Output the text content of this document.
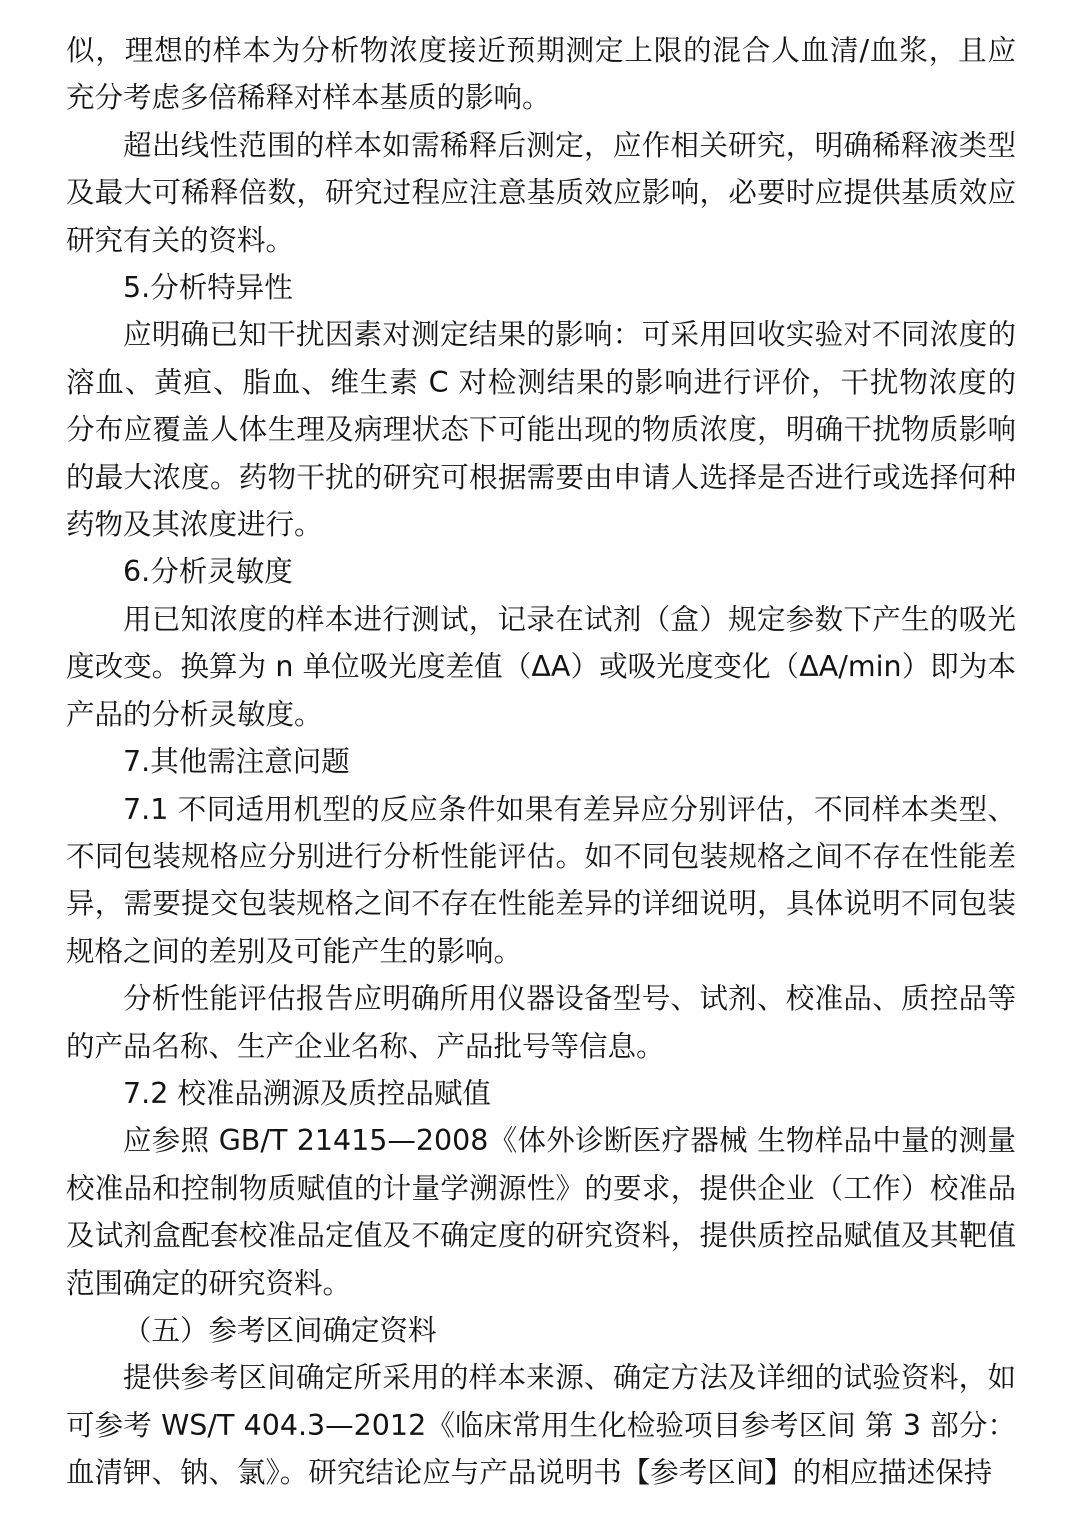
似，理想的样本为分析物浓度接近预期测定上限的混合人血清/血浆，且应充分考虑多倍稀释对样本基质的影响。

超出线性范围的样本如需稀释后测定，应作相关研究，明确稀释液类型及最大可稀释倍数，研究过程应注意基质效应影响，必要时应提供基质效应研究有关的资料。

5.分析特异性

应明确已知干扰因素对测定结果的影响：可采用回收实验对不同浓度的溶血、黄疸、脂血、维生素 C 对检测结果的影响进行评价，干扰物浓度的分布应覆盖人体生理及病理状态下可能出现的物质浓度，明确干扰物质影响的最大浓度。药物干扰的研究可根据需要由申请人选择是否进行或选择何种药物及其浓度进行。

6.分析灵敏度

用已知浓度的样本进行测试，记录在试剂（盒）规定参数下产生的吸光度改变。换算为 n 单位吸光度差值（ΔA）或吸光度变化（ΔA/min）即为本产品的分析灵敏度。

7.其他需注意问题

7.1 不同适用机型的反应条件如果有差异应分别评估，不同样本类型、不同包装规格应分别进行分析性能评估。如不同包装规格之间不存在性能差异，需要提交包装规格之间不存在性能差异的详细说明，具体说明不同包装规格之间的差别及可能产生的影响。

分析性能评估报告应明确所用仪器设备型号、试剂、校准品、质控品等的产品名称、生产企业名称、产品批号等信息。

7.2 校准品溯源及质控品赋值

应参照 GB/T 21415—2008《体外诊断医疗器械 生物样品中量的测量校准品和控制物质赋值的计量学溯源性》的要求，提供企业（工作）校准品及试剂盒配套校准品定值及不确定度的研究资料，提供质控品赋值及其靶值范围确定的研究资料。

（五）参考区间确定资料

提供参考区间确定所采用的样本来源、确定方法及详细的试验资料，如可参考 WS/T 404.3—2012《临床常用生化检验项目参考区间 第 3 部分：血清钾、钠、氯》。研究结论应与产品说明书【参考区间】的相应描述保持
